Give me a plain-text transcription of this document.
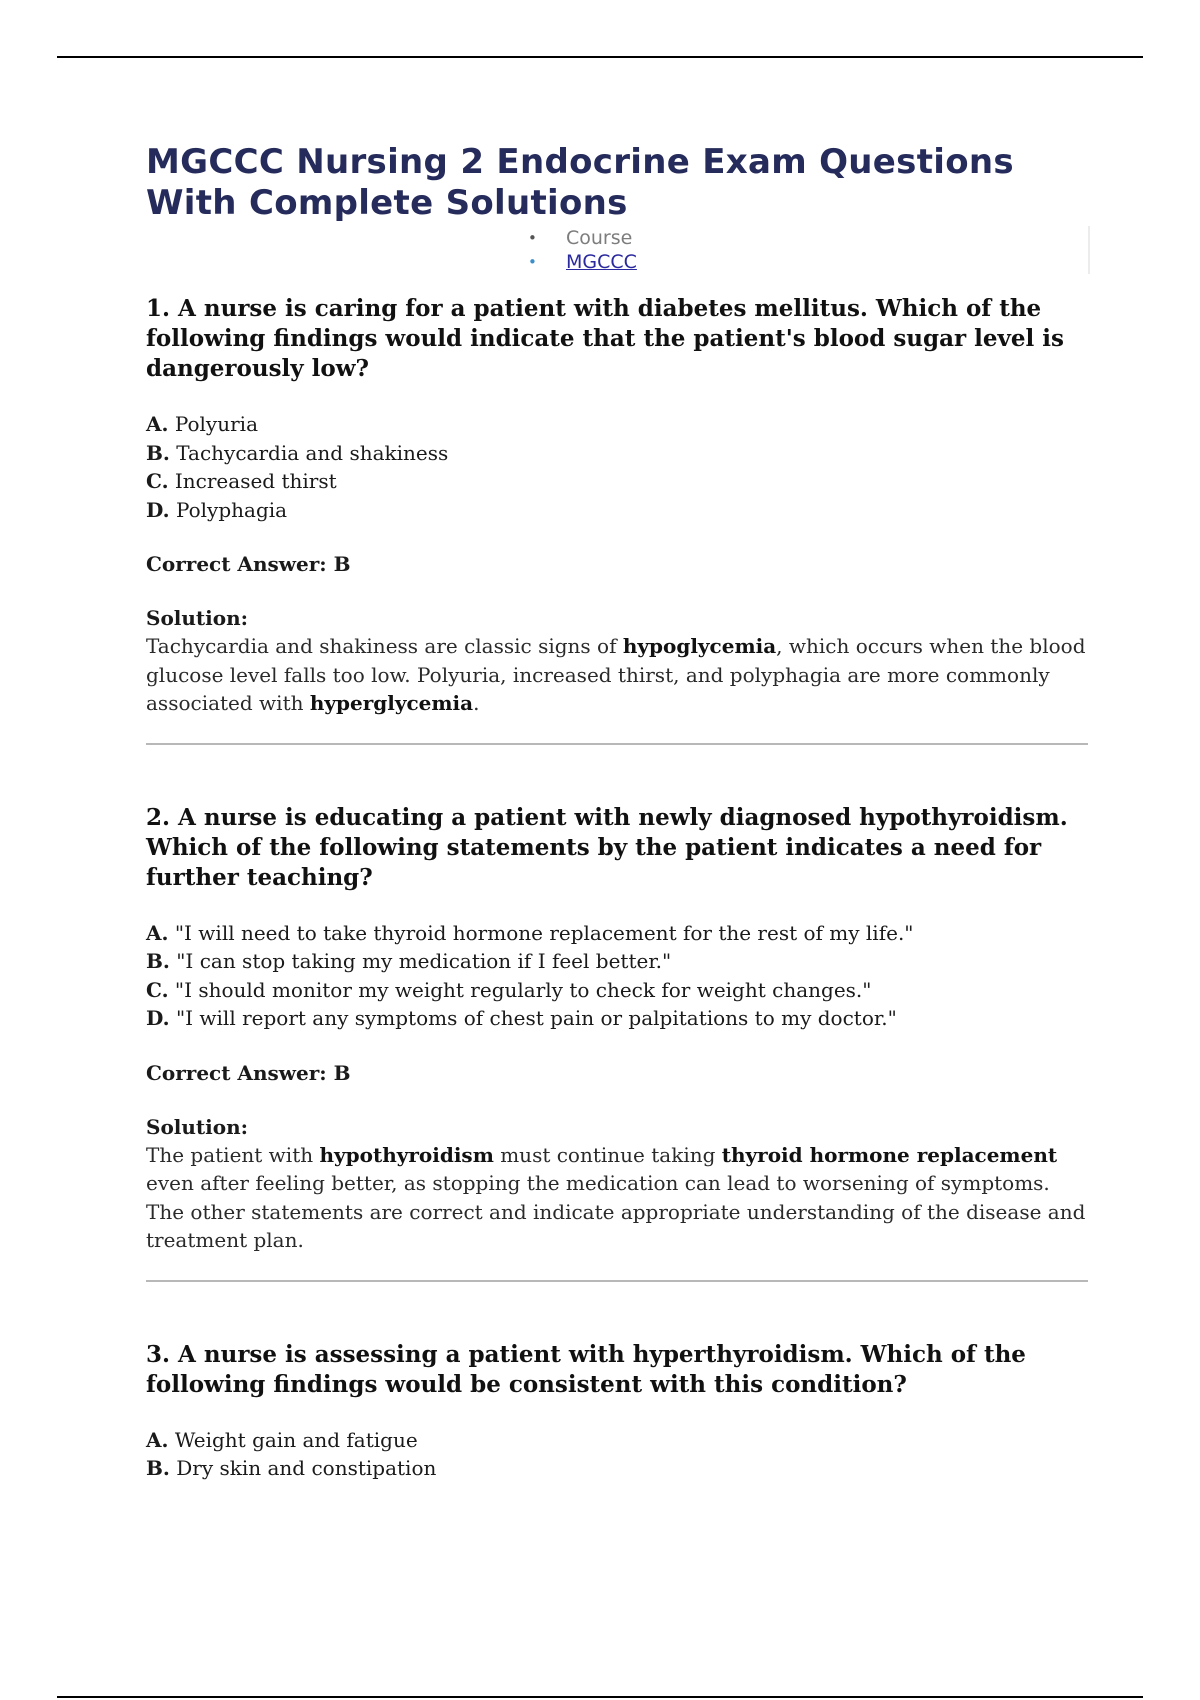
MGCCC Nursing 2 Endocrine Exam Questions With Complete Solutions
• Course
• MGCCC

1. A nurse is caring for a patient with diabetes mellitus. Which of the following findings would indicate that the patient's blood sugar level is dangerously low?

A. Polyuria
B. Tachycardia and shakiness
C. Increased thirst
D. Polyphagia
Correct Answer: B
Solution:
Tachycardia and shakiness are classic signs of hypoglycemia, which occurs when the blood glucose level falls too low. Polyuria, increased thirst, and polyphagia are more commonly associated with hyperglycemia.

2. A nurse is educating a patient with newly diagnosed hypothyroidism. Which of the following statements by the patient indicates a need for further teaching?

A. "I will need to take thyroid hormone replacement for the rest of my life."
B. "I can stop taking my medication if I feel better."
C. "I should monitor my weight regularly to check for weight changes."
D. "I will report any symptoms of chest pain or palpitations to my doctor."
Correct Answer: B
Solution:
The patient with hypothyroidism must continue taking thyroid hormone replacement even after feeling better, as stopping the medication can lead to worsening of symptoms. The other statements are correct and indicate appropriate understanding of the disease and treatment plan.

3. A nurse is assessing a patient with hyperthyroidism. Which of the following findings would be consistent with this condition?

A. Weight gain and fatigue
B. Dry skin and constipation
